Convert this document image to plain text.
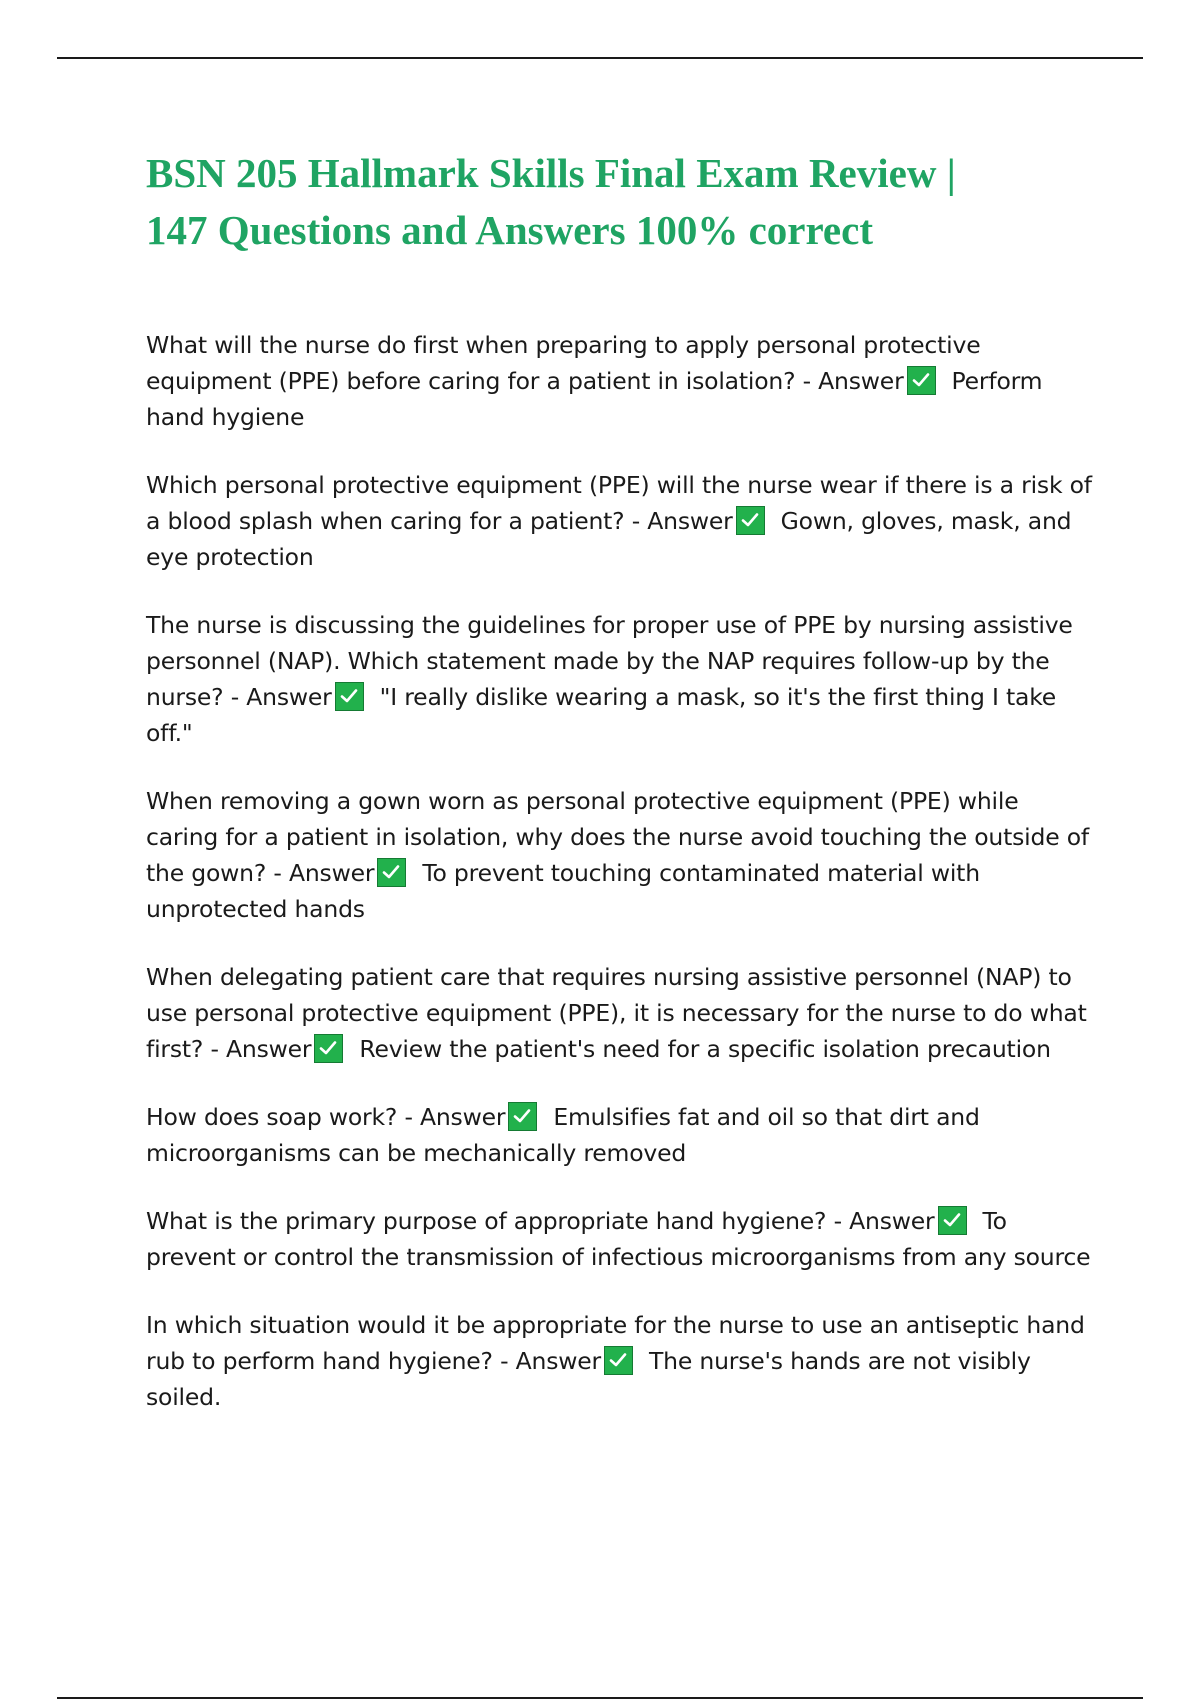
BSN 205 Hallmark Skills Final Exam Review |
147 Questions and Answers 100% correct
What will the nurse do first when preparing to apply personal protective equipment (PPE) before caring for a patient in isolation? - Answer Perform hand hygiene
Which personal protective equipment (PPE) will the nurse wear if there is a risk of a blood splash when caring for a patient? - Answer Gown, gloves, mask, and eye protection
The nurse is discussing the guidelines for proper use of PPE by nursing assistive personnel (NAP). Which statement made by the NAP requires follow-up by the nurse? - Answer "I really dislike wearing a mask, so it's the first thing I take off."
When removing a gown worn as personal protective equipment (PPE) while caring for a patient in isolation, why does the nurse avoid touching the outside of the gown? - Answer To prevent touching contaminated material with unprotected hands
When delegating patient care that requires nursing assistive personnel (NAP) to use personal protective equipment (PPE), it is necessary for the nurse to do what first? - Answer Review the patient's need for a specific isolation precaution
How does soap work? - Answer Emulsifies fat and oil so that dirt and microorganisms can be mechanically removed
What is the primary purpose of appropriate hand hygiene? - Answer To prevent or control the transmission of infectious microorganisms from any source
In which situation would it be appropriate for the nurse to use an antiseptic hand rub to perform hand hygiene? - Answer The nurse's hands are not visibly soiled.
